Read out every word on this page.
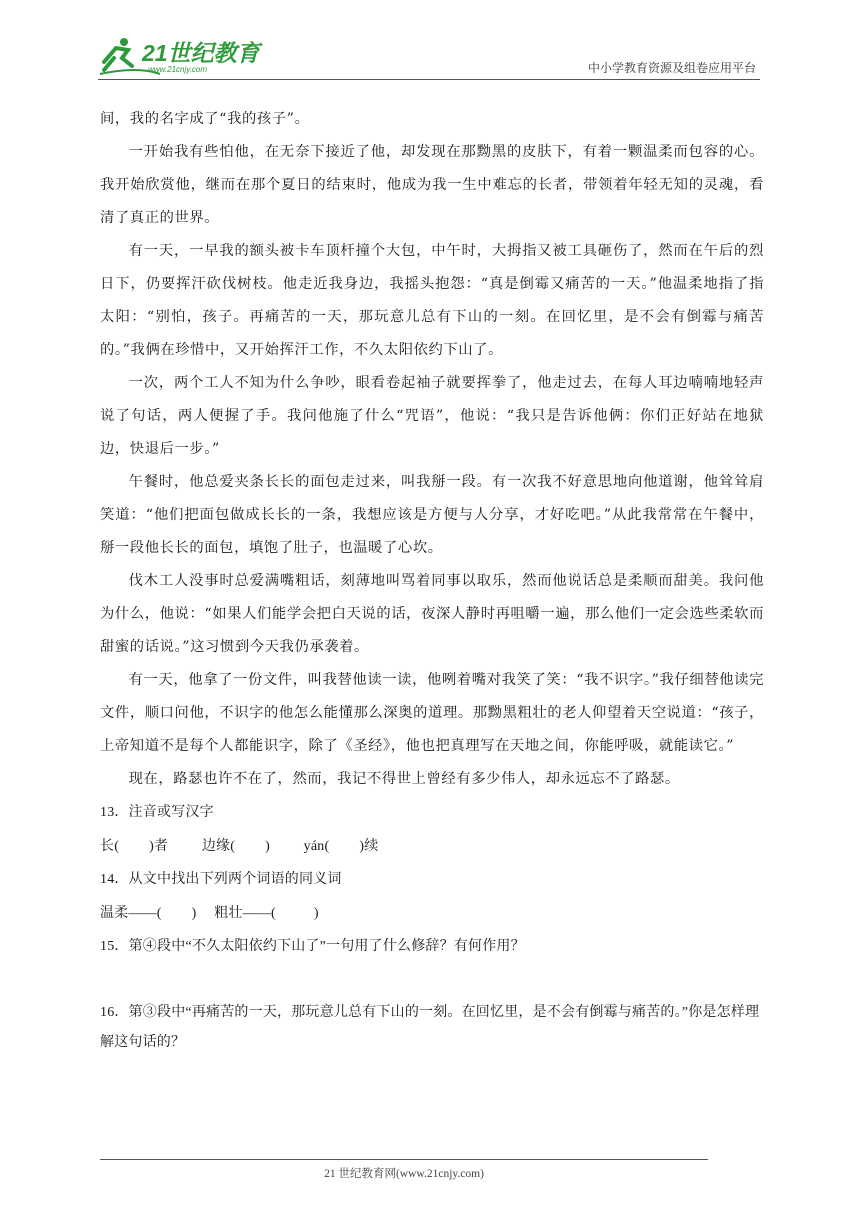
21世纪教育
www.21cnjy.com	中小学教育资源及组卷应用平台

间，我的名字成了“我的孩子”。

一开始我有些怕他，在无奈下接近了他，却发现在那黝黑的皮肤下，有着一颗温柔而包容的心。我开始欣赏他，继而在那个夏日的结束时，他成为我一生中难忘的长者，带领着年轻无知的灵魂，看清了真正的世界。

有一天，一早我的额头被卡车顶杆撞个大包，中午时，大拇指又被工具砸伤了，然而在午后的烈日下，仍要挥汗砍伐树枝。他走近我身边，我摇头抱怨：“真是倒霉又痛苦的一天。”他温柔地指了指太阳：“别怕，孩子。再痛苦的一天，那玩意儿总有下山的一刻。在回忆里，是不会有倒霉与痛苦的。”我俩在珍惜中，又开始挥汗工作，不久太阳依约下山了。

一次，两个工人不知为什么争吵，眼看卷起袖子就要挥拳了，他走过去，在每人耳边喃喃地轻声说了句话，两人便握了手。我问他施了什么“咒语”，他说：“我只是告诉他俩：你们正好站在地狱边，快退后一步。”

午餐时，他总爱夹条长长的面包走过来，叫我掰一段。有一次我不好意思地向他道谢，他耸耸肩笑道：“他们把面包做成长长的一条，我想应该是方便与人分享，才好吃吧。”从此我常常在午餐中，掰一段他长长的面包，填饱了肚子，也温暖了心坎。

伐木工人没事时总爱满嘴粗话，刻薄地叫骂着同事以取乐，然而他说话总是柔顺而甜美。我问他为什么，他说：“如果人们能学会把白天说的话，夜深人静时再咀嚼一遍，那么他们一定会选些柔软而甜蜜的话说。”这习惯到今天我仍承袭着。

有一天，他拿了一份文件，叫我替他读一读，他咧着嘴对我笑了笑：“我不识字。”我仔细替他读完文件，顺口问他，不识字的他怎么能懂那么深奥的道理。那黝黑粗壮的老人仰望着天空说道：“孩子，上帝知道不是每个人都能识字，除了《圣经》，他也把真理写在天地之间，你能呼吸，就能读它。”

现在，路瑟也许不在了，然而，我记不得世上曾经有多少伟人，却永远忘不了路瑟。

13．注音或写汉字

长( )者 边缘( ) yán( )续

14．从文中找出下列两个词语的同义词

温柔——( ) 粗壮——(	)

15．第④段中“不久太阳依约下山了”一句用了什么修辞？有何作用？

16．第③段中“再痛苦的一天，那玩意儿总有下山的一刻。在回忆里，是不会有倒霉与痛苦的。”你是怎样理解这句话的？

21 世纪教育网(www.21cnjy.com)
